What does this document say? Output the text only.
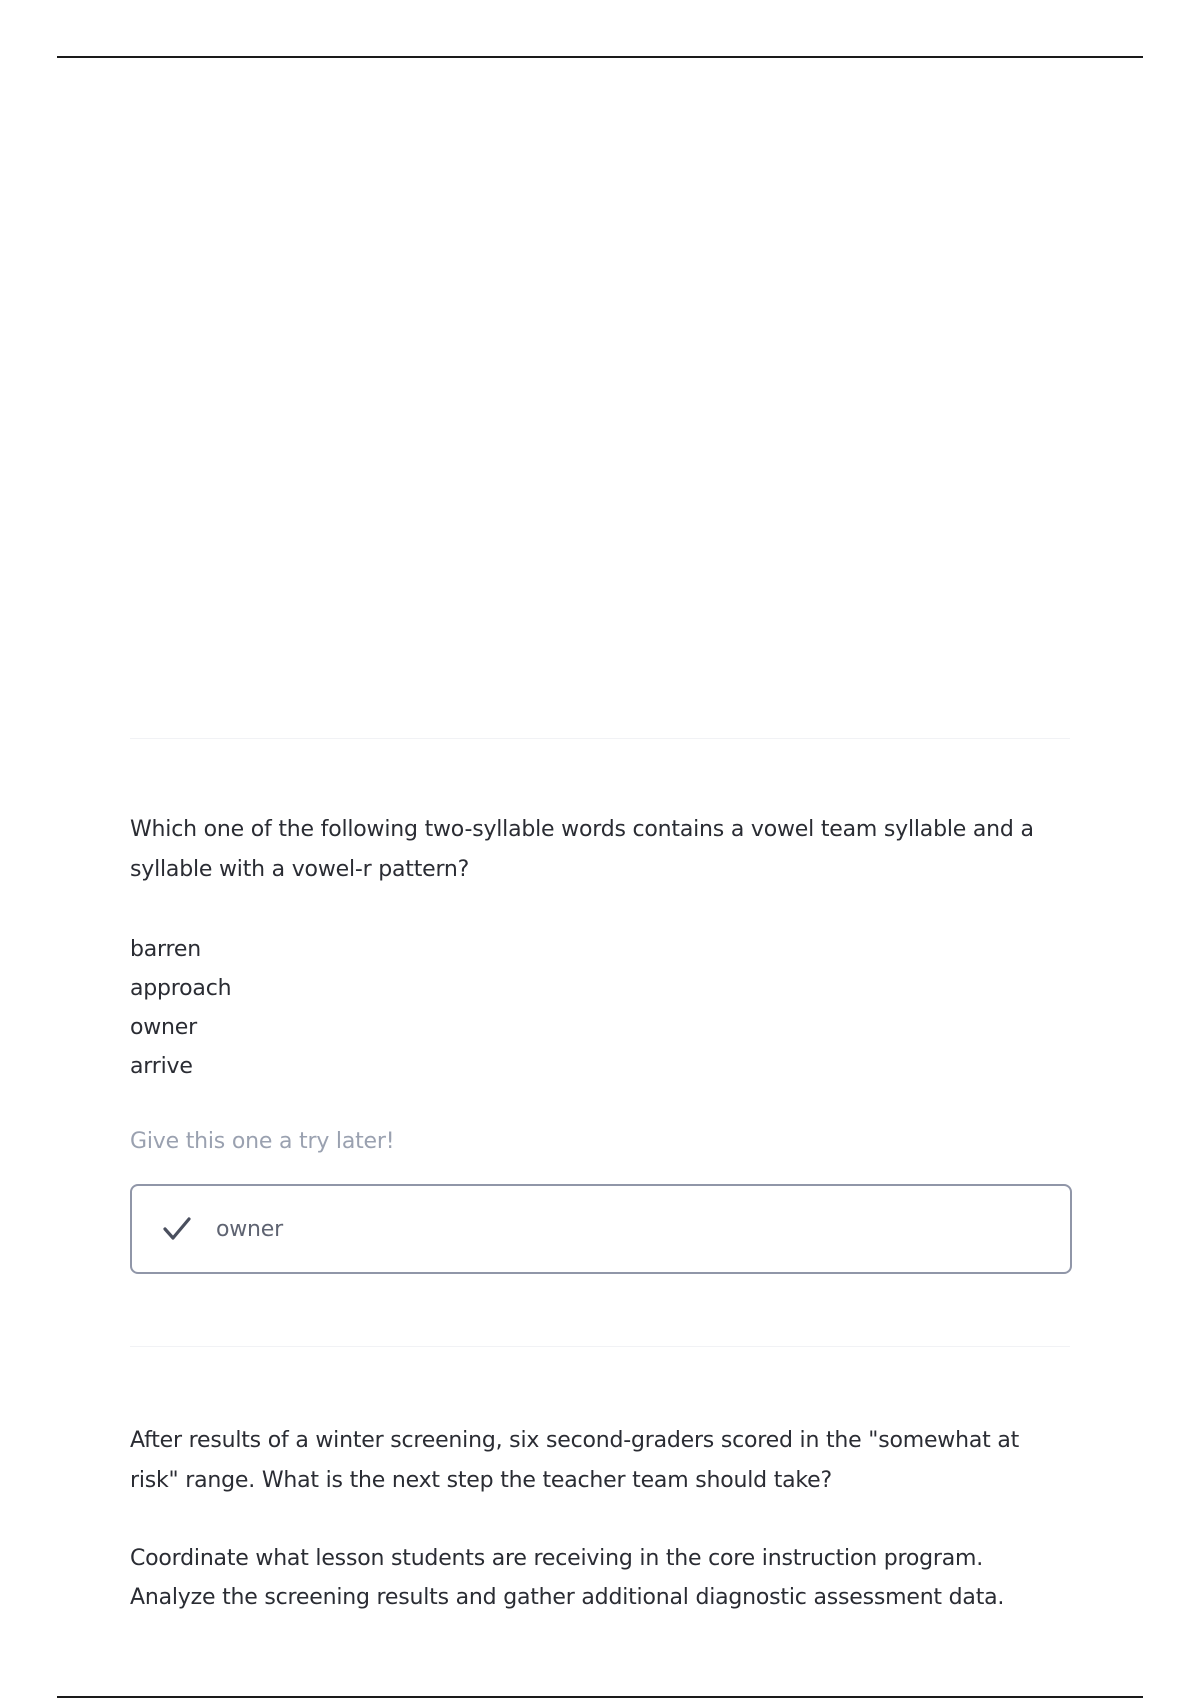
Which one of the following two-syllable words contains a vowel team syllable and a syllable with a vowel-r pattern?

barren
approach
owner
arrive

Give this one a try later!

owner

After results of a winter screening, six second-graders scored in the "somewhat at risk" range. What is the next step the teacher team should take?

Coordinate what lesson students are receiving in the core instruction program.
Analyze the screening results and gather additional diagnostic assessment data.
